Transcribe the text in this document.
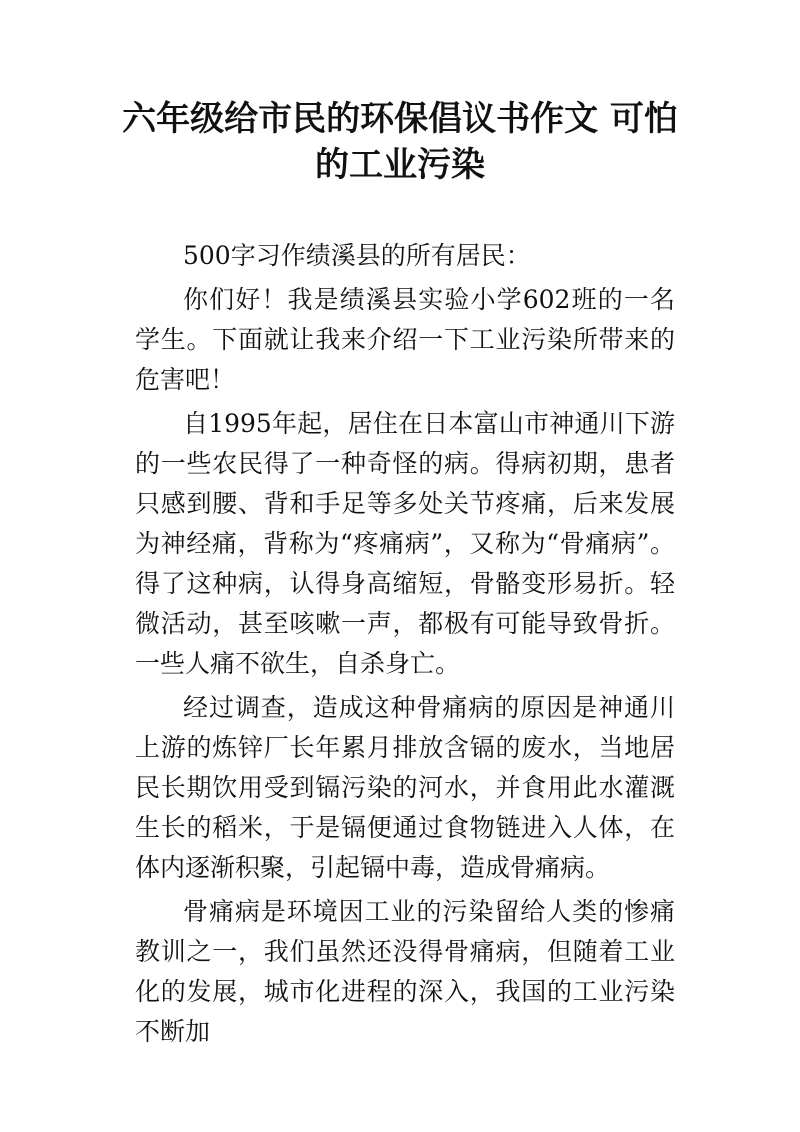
六年级给市民的环保倡议书作文 可怕的工业污染

500字习作绩溪县的所有居民：

你们好！我是绩溪县实验小学602班的一名学生。下面就让我来介绍一下工业污染所带来的危害吧！

自1995年起，居住在日本富山市神通川下游的一些农民得了一种奇怪的病。得病初期，患者只感到腰、背和手足等多处关节疼痛，后来发展为神经痛，背称为“疼痛病”，又称为“骨痛病”。得了这种病，认得身高缩短，骨骼变形易折。轻微活动，甚至咳嗽一声，都极有可能导致骨折。一些人痛不欲生，自杀身亡。

经过调查，造成这种骨痛病的原因是神通川上游的炼锌厂长年累月排放含镉的废水，当地居民长期饮用受到镉污染的河水，并食用此水灌溉生长的稻米，于是镉便通过食物链进入人体，在体内逐渐积聚，引起镉中毒，造成骨痛病。

骨痛病是环境因工业的污染留给人类的惨痛教训之一，我们虽然还没得骨痛病，但随着工业化的发展，城市化进程的深入，我国的工业污染不断加
